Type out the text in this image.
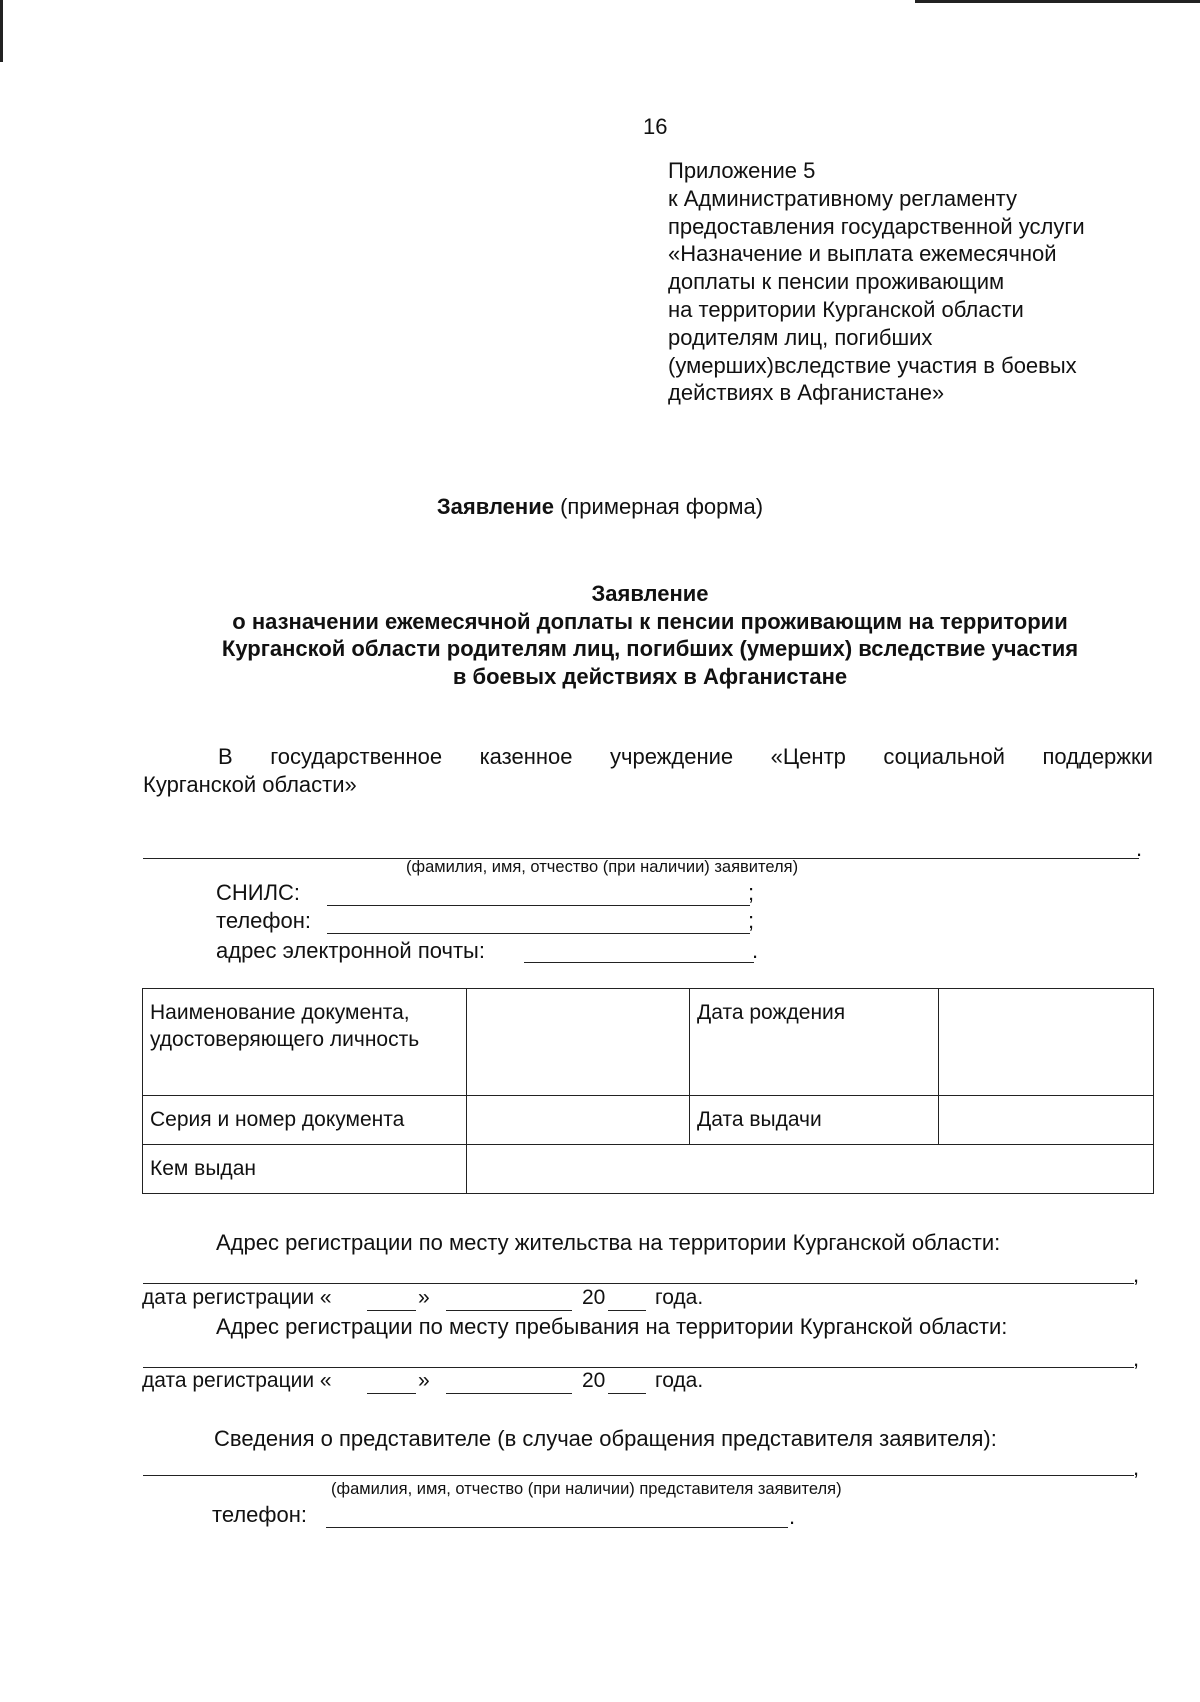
16
Приложение 5
к Административному регламенту
предоставления государственной услуги
«Назначение и выплата ежемесячной
доплаты к пенсии проживающим
на территории Курганской области
родителям лиц, погибших
(умерших)вследствие участия в боевых
действиях в Афганистане»
Заявление (примерная форма)
Заявление
о назначении ежемесячной доплаты к пенсии проживающим на территории
Курганской области родителям лиц, погибших (умерших) вследствие участия
в боевых действиях в Афганистане
В государственное казенное учреждение «Центр социальной поддержки
Курганской области»
.
(фамилия, имя, отчество (при наличии) заявителя)
СНИЛС:	;
телефон:	;
адрес электронной почты:	.
Наименование документа, удостоверяющего личность		Дата рождения	
Серия и номер документа		Дата выдачи	
Кем выдан			
Адрес регистрации по месту жительства на территории Курганской области:
,
дата регистрации «	»	20 года.
Адрес регистрации по месту пребывания на территории Курганской области:
,
дата регистрации «	»	20 года.
Сведения о представителе (в случае обращения представителя заявителя):
,
(фамилия, имя, отчество (при наличии) представителя заявителя)
телефон:	.
